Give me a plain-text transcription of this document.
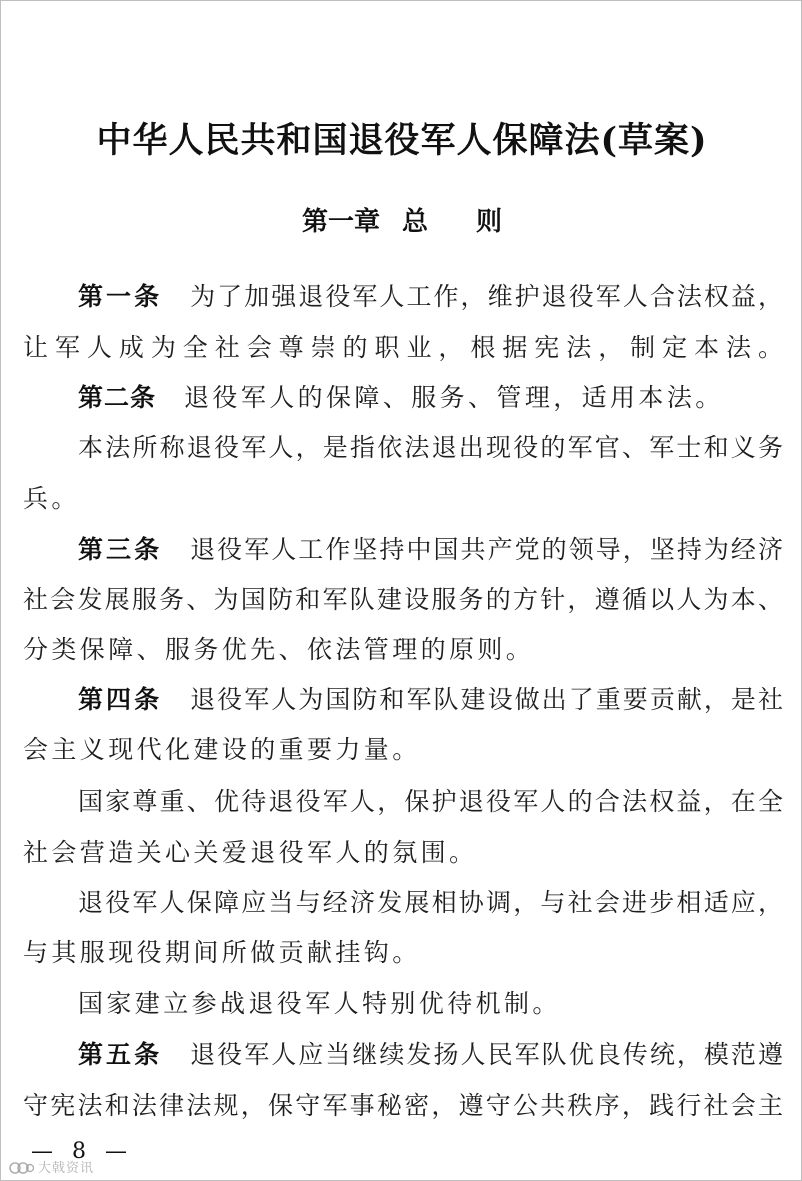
中华人民共和国退役军人保障法(草案)
第一章 总 则
第一条 为了加强退役军人工作，维护退役军人合法权益，
让军人成为全社会尊崇的职业，根据宪法，制定本法。
第二条 退役军人的保障、服务、管理，适用本法。
本法所称退役军人，是指依法退出现役的军官、军士和义务
兵。
第三条 退役军人工作坚持中国共产党的领导，坚持为经济
社会发展服务、为国防和军队建设服务的方针，遵循以人为本、
分类保障、服务优先、依法管理的原则。
第四条 退役军人为国防和军队建设做出了重要贡献，是社
会主义现代化建设的重要力量。
国家尊重、优待退役军人，保护退役军人的合法权益，在全
社会营造关心关爱退役军人的氛围。
退役军人保障应当与经济发展相协调，与社会进步相适应，
与其服现役期间所做贡献挂钩。
国家建立参战退役军人特别优待机制。
第五条 退役军人应当继续发扬人民军队优良传统，模范遵
守宪法和法律法规，保守军事秘密，遵守公共秩序，践行社会主
— 8 —
大戟资讯
